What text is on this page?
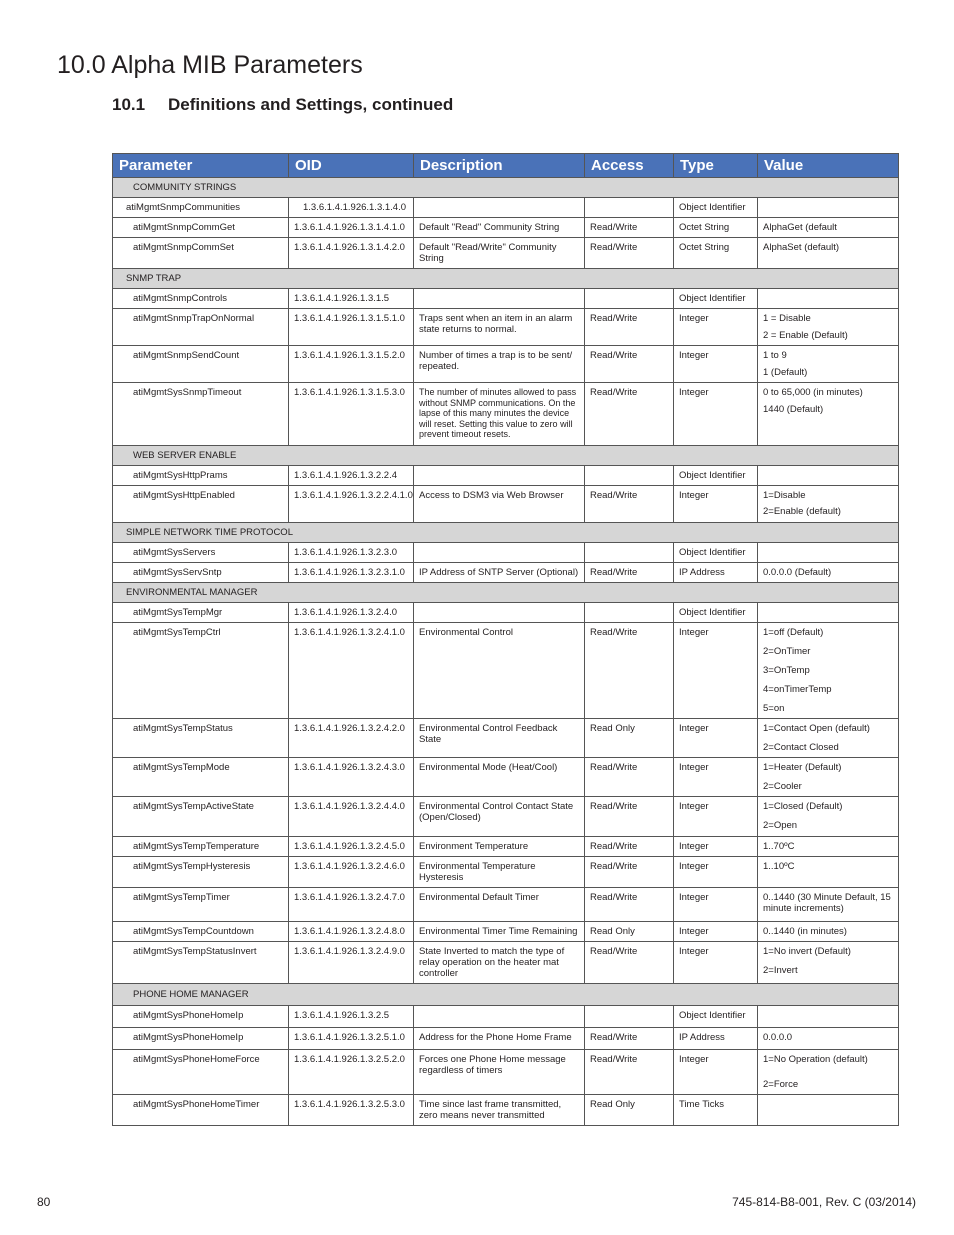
10.0 Alpha MIB Parameters
10.1 Definitions and Settings, continued
Parameter	OID	Description	Access	Type	Value
COMMUNITY STRINGS					
atiMgmtSnmpCommunities	1.3.6.1.4.1.926.1.3.1.4.0			Object Identifier	

atiMgmtSnmpCommGet	1.3.6.1.4.1.926.1.3.1.4.1.0	Default "Read" Community String	Read/Write	Octet String	AlphaGet (default

atiMgmtSnmpCommSet	1.3.6.1.4.1.926.1.3.1.4.2.0	Default "Read/Write" Community String	Read/Write	Octet String	AlphaSet (default)

SNMP TRAP					
atiMgmtSnmpControls	1.3.6.1.4.1.926.1.3.1.5			Object Identifier	

atiMgmtSnmpTrapOnNormal	1.3.6.1.4.1.926.1.3.1.5.1.0	Traps sent when an item in an alarm state returns to normal.	Read/Write	Integer	1 = Disable
2 = Enable (Default)

atiMgmtSnmpSendCount	1.3.6.1.4.1.926.1.3.1.5.2.0	Number of times a trap is to be sent/ repeated.	Read/Write	Integer	1 to 9
1 (Default)

atiMgmtSysSnmpTimeout	1.3.6.1.4.1.926.1.3.1.5.3.0	The number of minutes allowed to pass without SNMP communications. On the lapse of this many minutes the device will reset. Setting this value to zero will prevent timeout resets.	Read/Write	Integer	0 to 65,000 (in minutes)
1440 (Default)

WEB SERVER ENABLE					
atiMgmtSysHttpPrams	1.3.6.1.4.1.926.1.3.2.2.4			Object Identifier	

atiMgmtSysHttpEnabled	1.3.6.1.4.1.926.1.3.2.2.4.1.0	Access to DSM3 via Web Browser	Read/Write	Integer	1=Disable
2=Enable (default)

SIMPLE NETWORK TIME PROTOCOL					
atiMgmtSysServers	1.3.6.1.4.1.926.1.3.2.3.0			Object Identifier	

atiMgmtSysServSntp	1.3.6.1.4.1.926.1.3.2.3.1.0	IP Address of SNTP Server (Optional)	Read/Write	IP Address	0.0.0.0 (Default)

ENVIRONMENTAL MANAGER					
atiMgmtSysTempMgr	1.3.6.1.4.1.926.1.3.2.4.0			Object Identifier	

atiMgmtSysTempCtrl	1.3.6.1.4.1.926.1.3.2.4.1.0	Environmental Control	Read/Write	Integer	1=off (Default)
2=OnTimer
3=OnTemp
4=onTimerTemp
5=on

atiMgmtSysTempStatus	1.3.6.1.4.1.926.1.3.2.4.2.0	Environmental Control Feedback State	Read Only	Integer	1=Contact Open (default)
2=Contact Closed

atiMgmtSysTempMode	1.3.6.1.4.1.926.1.3.2.4.3.0	Environmental Mode (Heat/Cool)	Read/Write	Integer	1=Heater (Default)
2=Cooler

atiMgmtSysTempActiveState	1.3.6.1.4.1.926.1.3.2.4.4.0	Environmental Control Contact State (Open/Closed)	Read/Write	Integer	1=Closed (Default)
2=Open

atiMgmtSysTempTemperature	1.3.6.1.4.1.926.1.3.2.4.5.0	Environment Temperature	Read/Write	Integer	1..70ºC

atiMgmtSysTempHysteresis	1.3.6.1.4.1.926.1.3.2.4.6.0	Environmental Temperature Hysteresis	Read/Write	Integer	1..10ºC

atiMgmtSysTempTimer	1.3.6.1.4.1.926.1.3.2.4.7.0	Environmental Default Timer	Read/Write	Integer	0..1440 (30 Minute Default, 15 minute increments)

atiMgmtSysTempCountdown	1.3.6.1.4.1.926.1.3.2.4.8.0	Environmental Timer Time Remaining	Read Only	Integer	0..1440 (in minutes)

atiMgmtSysTempStatusInvert	1.3.6.1.4.1.926.1.3.2.4.9.0	State Inverted to match the type of relay operation on the heater mat controller	Read/Write	Integer	1=No invert (Default)
2=Invert

PHONE HOME MANAGER					
atiMgmtSysPhoneHomeIp	1.3.6.1.4.1.926.1.3.2.5			Object Identifier	

atiMgmtSysPhoneHomeIp	1.3.6.1.4.1.926.1.3.2.5.1.0	Address for the Phone Home Frame	Read/Write	IP Address	0.0.0.0

atiMgmtSysPhoneHomeForce	1.3.6.1.4.1.926.1.3.2.5.2.0	Forces one Phone Home message regardless of timers	Read/Write	Integer	1=No Operation (default)
2=Force

atiMgmtSysPhoneHomeTimer	1.3.6.1.4.1.926.1.3.2.5.3.0	Time since last frame transmitted, zero means never transmitted	Read Only	Time Ticks	
80	745-814-B8-001, Rev. C (03/2014)
